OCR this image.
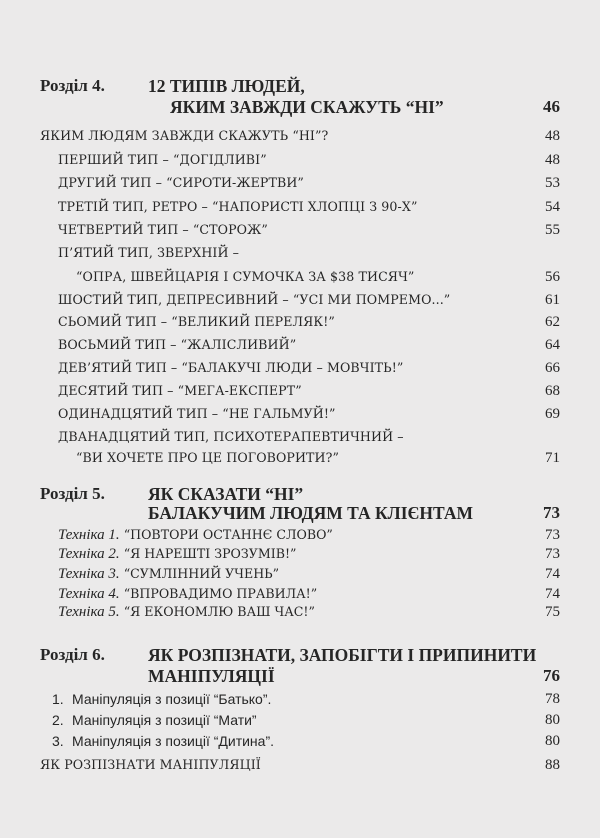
Розділ 4. 12 ТИПІВ ЛЮДЕЙ,
ЯКИМ ЗАВЖДИ СКАЖУТЬ “НІ”	46
ЯКИМ ЛЮДЯМ ЗАВЖДИ СКАЖУТЬ “НІ”?	48
ПЕРШИЙ ТИП – “ДОГІДЛИВІ”	48
ДРУГИЙ ТИП – “СИРОТИ-ЖЕРТВИ”	53
ТРЕТІЙ ТИП, РЕТРО – “НАПОРИСТІ ХЛОПЦІ З 90-Х”	54
ЧЕТВЕРТИЙ ТИП – “СТОРОЖ”	55
П’ЯТИЙ ТИП, ЗВЕРХНІЙ –
“ОПРА, ШВЕЙЦАРІЯ І СУМОЧКА ЗА $38 ТИСЯЧ”	56
ШОСТИЙ ТИП, ДЕПРЕСИВНИЙ – “УСІ МИ ПОМРЕМО...”	61
СЬОМИЙ ТИП – “ВЕЛИКИЙ ПЕРЕЛЯК!”	62
ВОСЬМИЙ ТИП – “ЖАЛІСЛИВИЙ”	64
ДЕВ’ЯТИЙ ТИП – “БАЛАКУЧІ ЛЮДИ – МОВЧІТЬ!”	66
ДЕСЯТИЙ ТИП – “МЕГА-ЕКСПЕРТ”	68
ОДИНАДЦЯТИЙ ТИП – “НЕ ГАЛЬМУЙ!”	69
ДВАНАДЦЯТИЙ ТИП, ПСИХОТЕРАПЕВТИЧНИЙ –
“ВИ ХОЧЕТЕ ПРО ЦЕ ПОГОВОРИТИ?”	71
Розділ 5. ЯК СКАЗАТИ “НІ”
БАЛАКУЧИМ ЛЮДЯМ ТА КЛІЄНТАМ	73
Техніка 1. “ПОВТОРИ ОСТАННЄ СЛОВО”	73
Техніка 2. “Я НАРЕШТІ ЗРОЗУМІВ!”	73
Техніка 3. “СУМЛІННИЙ УЧЕНЬ”	74
Техніка 4. “ВПРОВАДИМО ПРАВИЛА!”	74
Техніка 5. “Я ЕКОНОМЛЮ ВАШ ЧАС!”	75
Розділ 6. ЯК РОЗПІЗНАТИ, ЗАПОБІГТИ І ПРИПИНИТИ
МАНІПУЛЯЦІЇ	76
1. Маніпуляція з позиції “Батько”.	78
2. Маніпуляція з позиції “Мати”	80
3. Маніпуляція з позиції “Дитина”.	80
ЯК РОЗПІЗНАТИ МАНІПУЛЯЦІЇ	88
